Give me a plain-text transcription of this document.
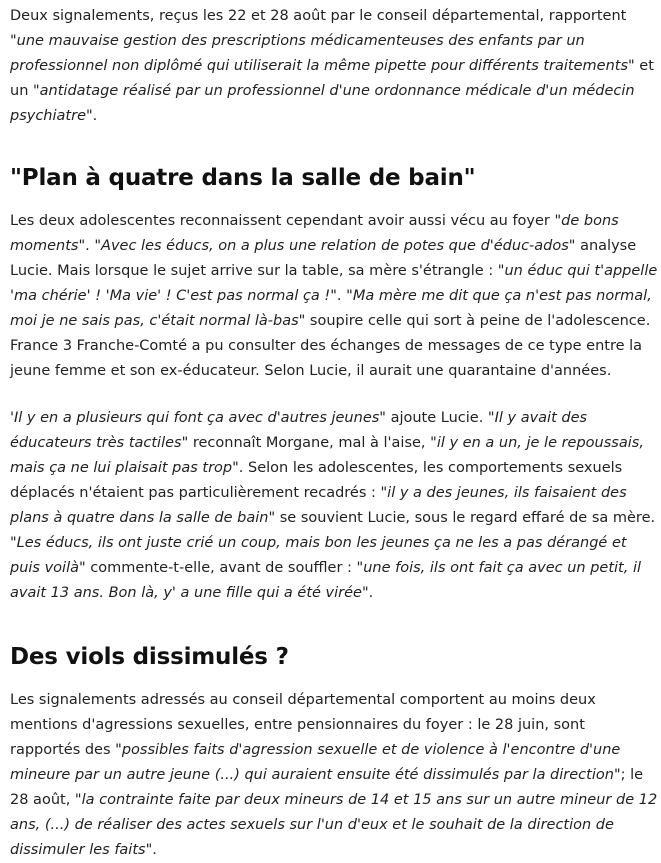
Deux signalements, reçus les 22 et 28 août par le conseil départemental, rapportent "une mauvaise gestion des prescriptions médicamenteuses des enfants par un professionnel non diplômé qui utiliserait la même pipette pour différents traitements" et un "antidatage réalisé par un professionnel d'une ordonnance médicale d'un médecin psychiatre".

"Plan à quatre dans la salle de bain"

Les deux adolescentes reconnaissent cependant avoir aussi vécu au foyer "de bons moments". "Avec les éducs, on a plus une relation de potes que d'éduc-ados" analyse Lucie. Mais lorsque le sujet arrive sur la table, sa mère s'étrangle : "un éduc qui t'appelle 'ma chérie' ! 'Ma vie' ! C'est pas normal ça !". "Ma mère me dit que ça n'est pas normal, moi je ne sais pas, c'était normal là-bas" soupire celle qui sort à peine de l'adolescence. France 3 Franche-Comté a pu consulter des échanges de messages de ce type entre la jeune femme et son ex-éducateur. Selon Lucie, il aurait une quarantaine d'années.

'Il y en a plusieurs qui font ça avec d'autres jeunes" ajoute Lucie. "Il y avait des éducateurs très tactiles" reconnaît Morgane, mal à l'aise, "il y en a un, je le repoussais, mais ça ne lui plaisait pas trop". Selon les adolescentes, les comportements sexuels déplacés n'étaient pas particulièrement recadrés : "il y a des jeunes, ils faisaient des plans à quatre dans la salle de bain" se souvient Lucie, sous le regard effaré de sa mère. "Les éducs, ils ont juste crié un coup, mais bon les jeunes ça ne les a pas dérangé et puis voilà" commente-t-elle, avant de souffler : "une fois, ils ont fait ça avec un petit, il avait 13 ans. Bon là, y' a une fille qui a été virée".

Des viols dissimulés ?

Les signalements adressés au conseil départemental comportent au moins deux mentions d'agressions sexuelles, entre pensionnaires du foyer : le 28 juin, sont rapportés des "possibles faits d'agression sexuelle et de violence à l'encontre d'une mineure par un autre jeune (...) qui auraient ensuite été dissimulés par la direction"; le 28 août, "la contrainte faite par deux mineurs de 14 et 15 ans sur un autre mineur de 12 ans, (...) de réaliser des actes sexuels sur l'un d'eux et le souhait de la direction de dissimuler les faits".
